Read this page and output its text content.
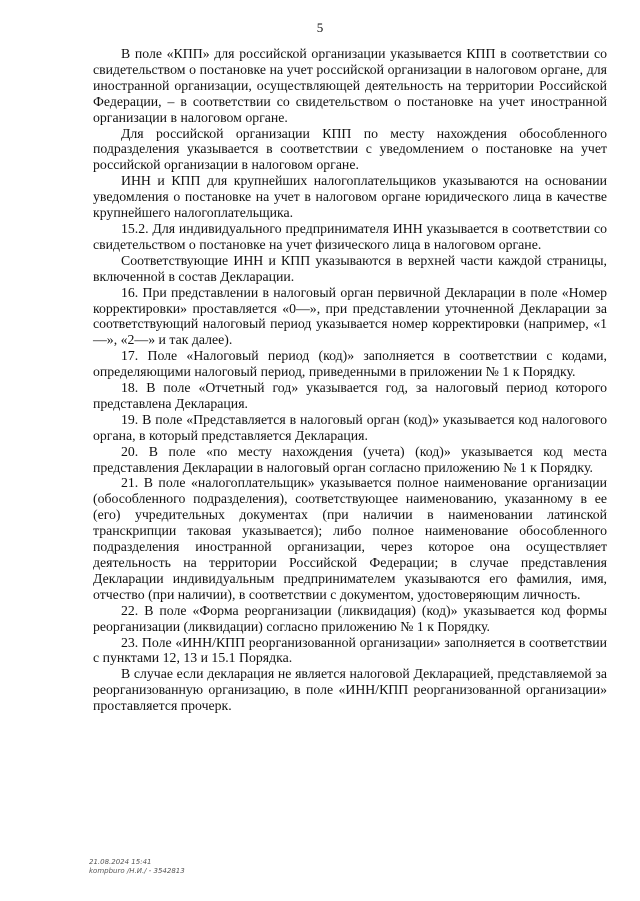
5

В поле «КПП» для российской организации указывается КПП в соответствии со свидетельством о постановке на учет российской организации в налоговом органе, для иностранной организации, осуществляющей деятельность на территории Российской Федерации, – в соответствии со свидетельством о постановке на учет иностранной организации в налоговом органе.

Для российской организации КПП по месту нахождения обособленного подразделения указывается в соответствии с уведомлением о постановке на учет российской организации в налоговом органе.

ИНН и КПП для крупнейших налогоплательщиков указываются на основании уведомления о постановке на учет в налоговом органе юридического лица в качестве крупнейшего налогоплательщика.

15.2. Для индивидуального предпринимателя ИНН указывается в соответствии со свидетельством о постановке на учет физического лица в налоговом органе.

Соответствующие ИНН и КПП указываются в верхней части каждой страницы, включенной в состав Декларации.

16. При представлении в налоговый орган первичной Декларации в поле «Номер корректировки» проставляется «0—», при представлении уточненной Декларации за соответствующий налоговый период указывается номер корректировки (например, «1—», «2—» и так далее).

17. Поле «Налоговый период (код)» заполняется в соответствии с кодами, определяющими налоговый период, приведенными в приложении № 1 к Порядку.

18. В поле «Отчетный год» указывается год, за налоговый период которого представлена Декларация.

19. В поле «Представляется в налоговый орган (код)» указывается код налогового органа, в который представляется Декларация.

20. В поле «по месту нахождения (учета) (код)» указывается код места представления Декларации в налоговый орган согласно приложению № 1 к Порядку.

21. В поле «налогоплательщик» указывается полное наименование организации (обособленного подразделения), соответствующее наименованию, указанному в ее (его) учредительных документах (при наличии в наименовании латинской транскрипции таковая указывается); либо полное наименование обособленного подразделения иностранной организации, через которое она осуществляет деятельность на территории Российской Федерации; в случае представления Декларации индивидуальным предпринимателем указываются его фамилия, имя, отчество (при наличии), в соответствии с документом, удостоверяющим личность.

22. В поле «Форма реорганизации (ликвидация) (код)» указывается код формы реорганизации (ликвидации) согласно приложению № 1 к Порядку.

23. Поле «ИНН/КПП реорганизованной организации» заполняется в соответствии с пунктами 12, 13 и 15.1 Порядка.

В случае если декларация не является налоговой Декларацией, представляемой за реорганизованную организацию, в поле «ИНН/КПП реорганизованной организации» проставляется прочерк.

21.08.2024 15:41
kompburo /Н.И./ - 3542813
